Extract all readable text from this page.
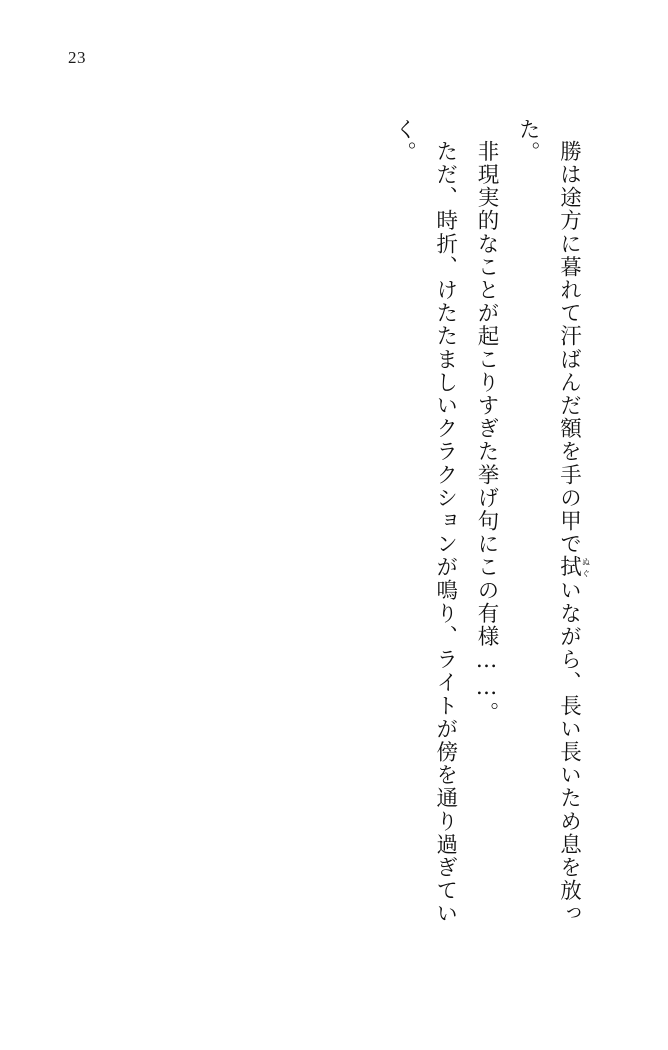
23

勝は途方に暮れて汗ばんだ額を手の甲で拭ぬぐいながら、長い長いため息を放った。

非現実的なことが起こりすぎた挙げ句にこの有様……。

ただ、時折、けたたましいクラクションが鳴り、ライトが傍を通り過ぎていく。
